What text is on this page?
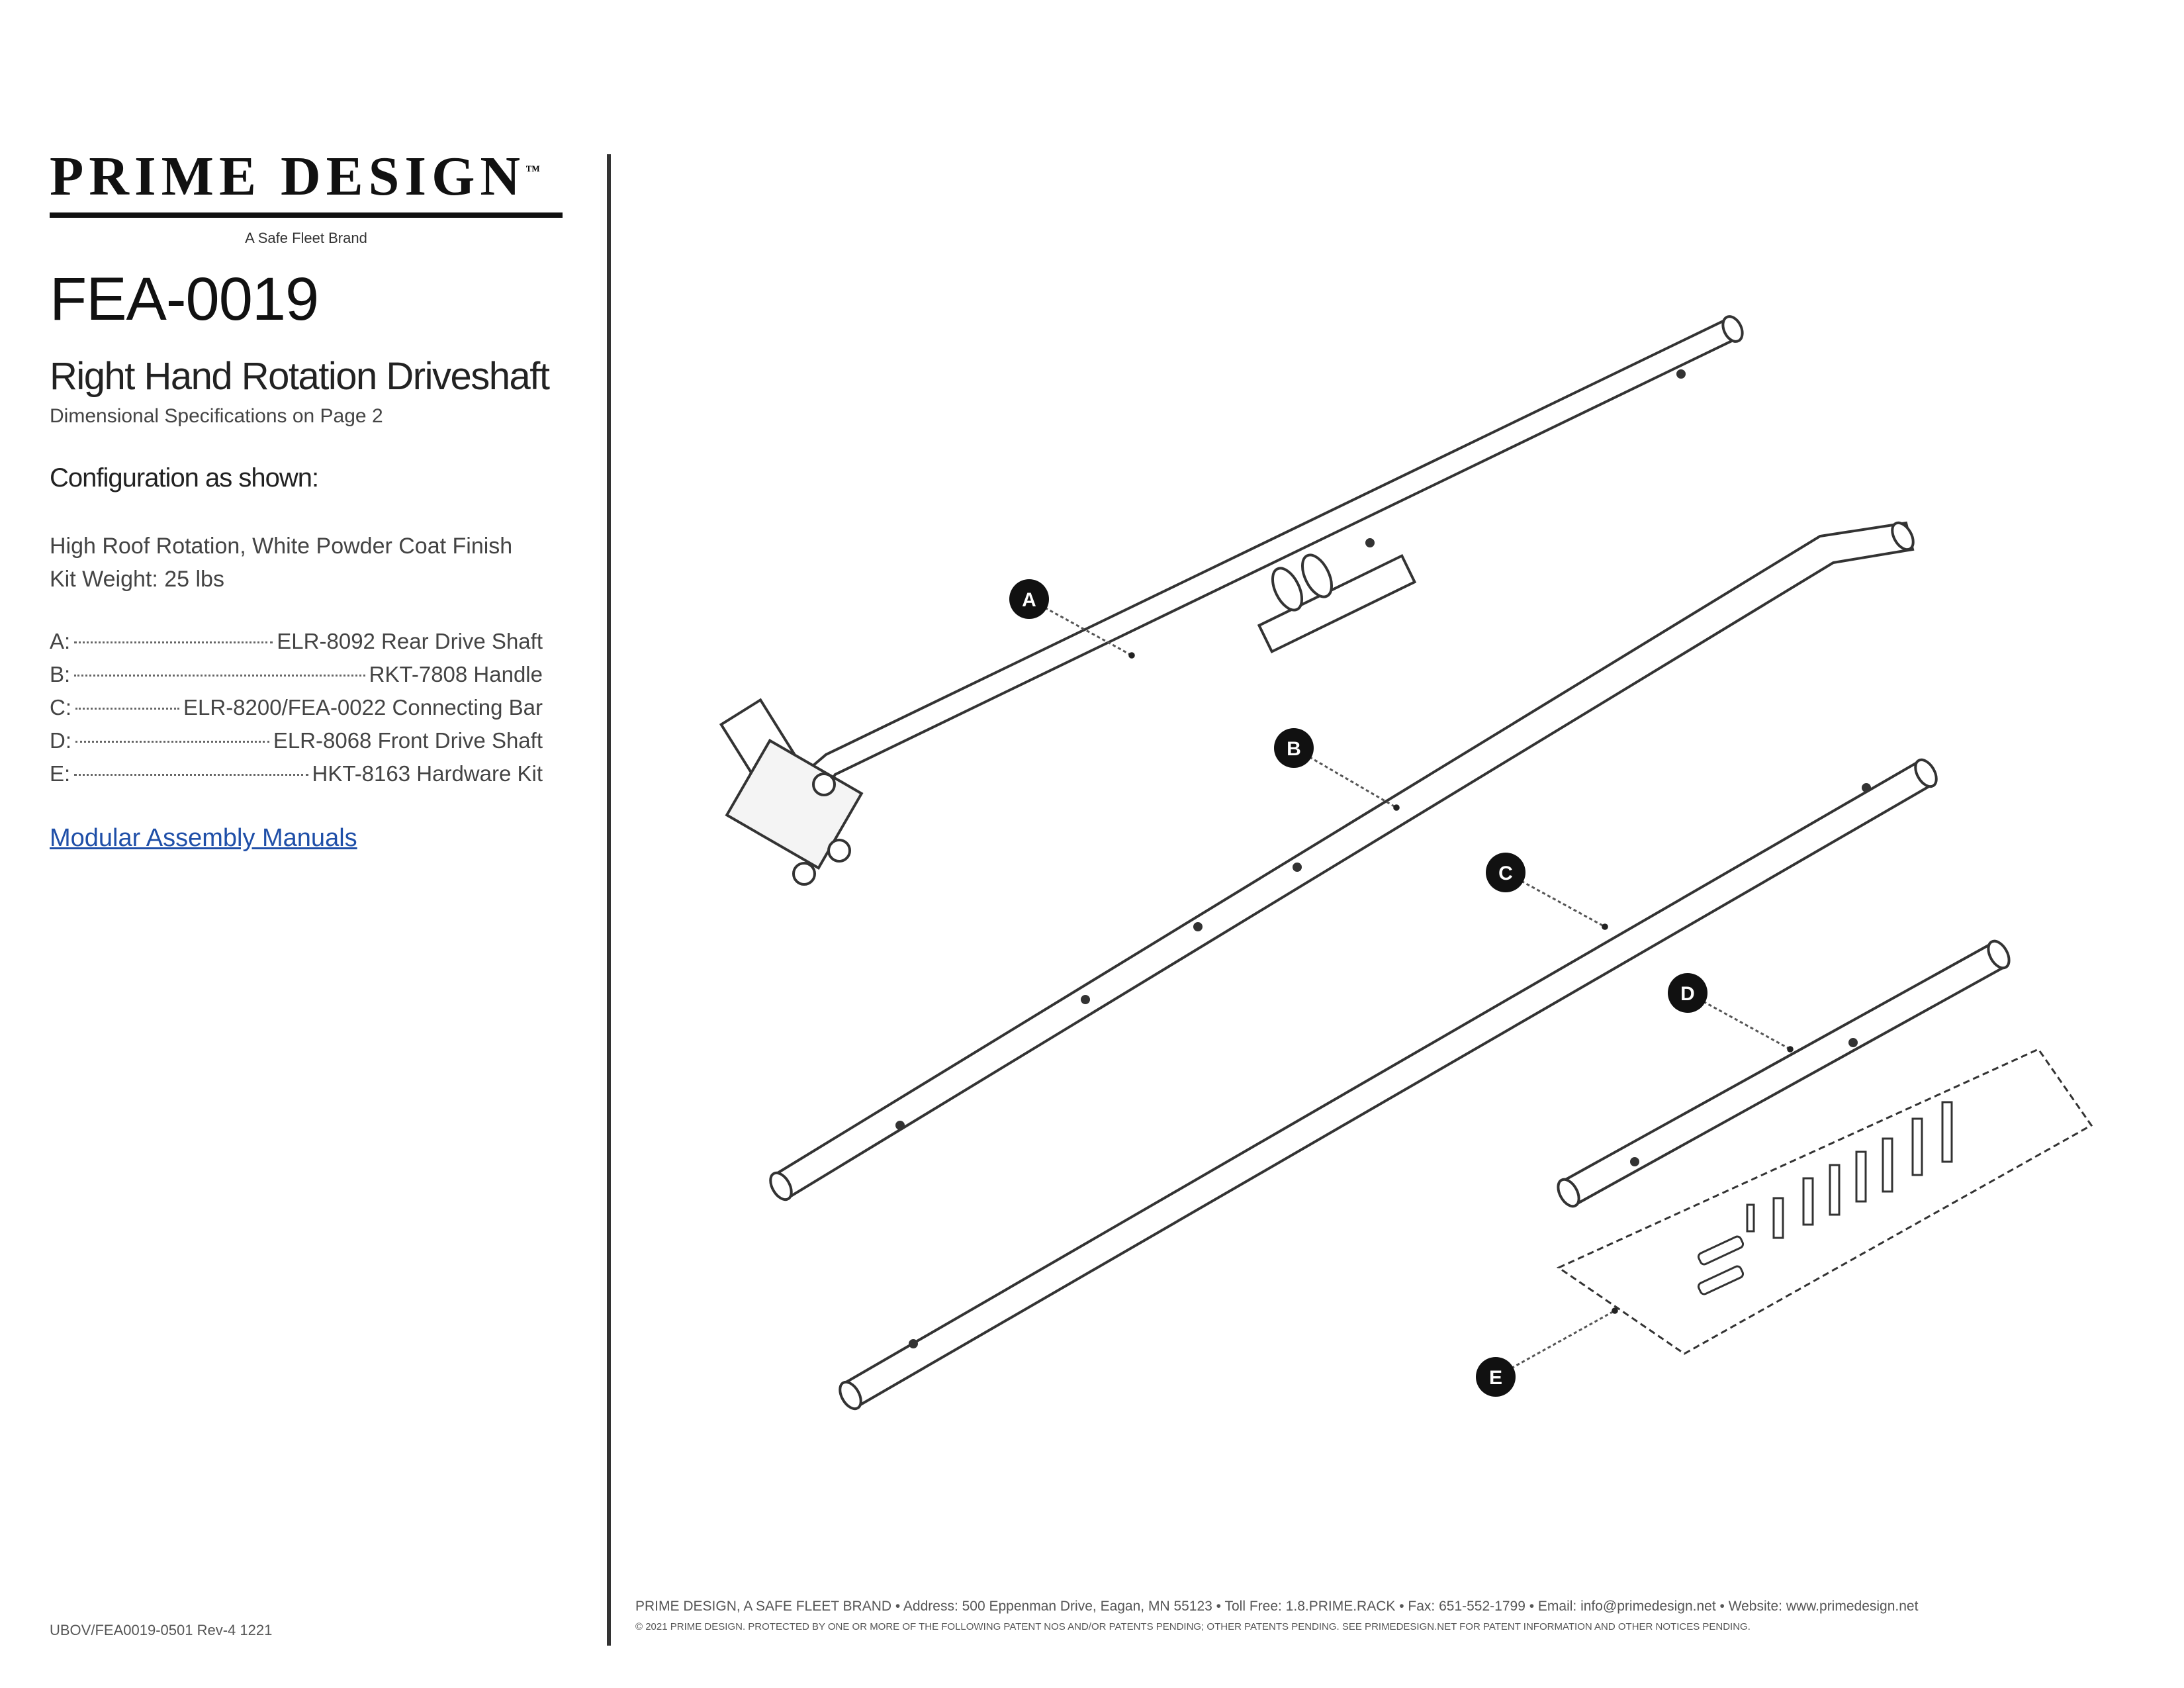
PRIME DESIGN™
A Safe Fleet Brand
FEA-0019
Right Hand Rotation Driveshaft
Dimensional Specifications on Page 2
Configuration as shown:
High Roof Rotation, White Powder Coat Finish
Kit Weight: 25 lbs
A:	ELR-8092 Rear Drive Shaft
B:	RKT-7808 Handle
C:	ELR-8200/FEA-0022 Connecting Bar
D:	ELR-8068 Front Drive Shaft
E:	HKT-8163 Hardware Kit
Modular Assembly Manuals
UBOV/FEA0019-0501 Rev-4 1221
A
B
C
D
E
PRIME DESIGN, A SAFE FLEET BRAND • Address: 500 Eppenman Drive, Eagan, MN 55123 • Toll Free: 1.8.PRIME.RACK • Fax: 651-552-1799 • Email: info@primedesign.net • Website: www.primedesign.net
© 2021 PRIME DESIGN. PROTECTED BY ONE OR MORE OF THE FOLLOWING PATENT NOS AND/OR PATENTS PENDING; OTHER PATENTS PENDING. SEE PRIMEDESIGN.NET FOR PATENT INFORMATION AND OTHER NOTICES PENDING.
